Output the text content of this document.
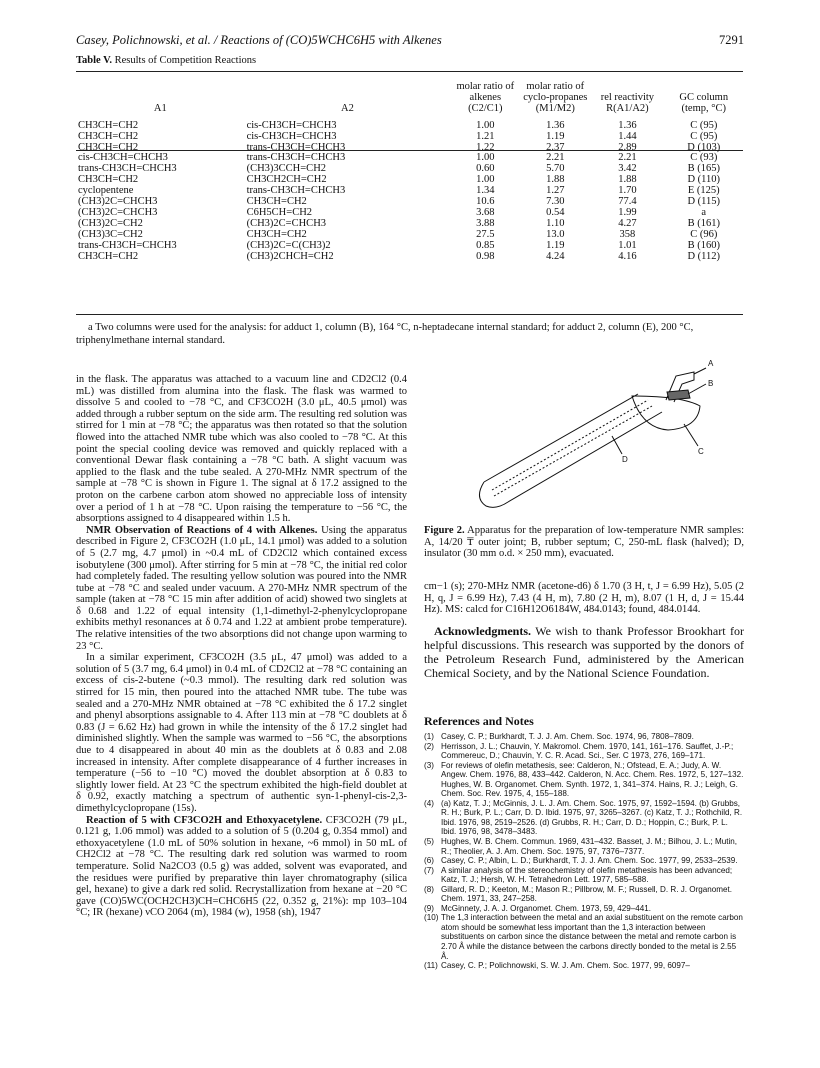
Casey, Polichnowski, et al. / Reactions of (CO)5WCHC6H5 with Alkenes	7291
Table V. Results of Competition Reactions
A1	A2	molar ratio of alkenes (C2/C1)	molar ratio of cyclo-propanes (M1/M2)	rel reactivity R(A1/A2)	GC column (temp, °C)
CH3CH=CH2	cis-CH3CH=CHCH3	1.00	1.36	1.36	C (95)
CH3CH=CH2	cis-CH3CH=CHCH3	1.21	1.19	1.44	C (95)
CH3CH=CH2	trans-CH3CH=CHCH3	1.22	2.37	2.89	D (103)
cis-CH3CH=CHCH3	trans-CH3CH=CHCH3	1.00	2.21	2.21	C (93)
trans-CH3CH=CHCH3	(CH3)3CCH=CH2	0.60	5.70	3.42	B (165)
CH3CH=CH2	CH3CH2CH=CH2	1.00	1.88	1.88	D (110)
cyclopentene	trans-CH3CH=CHCH3	1.34	1.27	1.70	E (125)
(CH3)2C=CHCH3	CH3CH=CH2	10.6	7.30	77.4	D (115)
(CH3)2C=CHCH3	C6H5CH=CH2	3.68	0.54	1.99	a
(CH3)2C=CH2	(CH3)2C=CHCH3	3.88	1.10	4.27	B (161)
(CH3)3C=CH2	CH3CH=CH2	27.5	13.0	358	C (96)
trans-CH3CH=CHCH3	(CH3)2C=C(CH3)2	0.85	1.19	1.01	B (160)
CH3CH=CH2	(CH3)2CHCH=CH2	0.98	4.24	4.16	D (112)
a Two columns were used for the analysis: for adduct 1, column (B), 164 °C, n-heptadecane internal standard; for adduct 2, column (E), 200 °C, triphenylmethane internal standard.

in the flask. The apparatus was attached to a vacuum line and CD2Cl2 (0.4 mL) was distilled from alumina into the flask. The flask was warmed to dissolve 5 and cooled to −78 °C, and CF3CO2H (3.0 μL, 40.5 μmol) was added through a rubber septum on the side arm. The resulting red solution was stirred for 1 min at −78 °C; the apparatus was then rotated so that the solution flowed into the attached NMR tube which was also cooled to −78 °C. At this point the special cooling device was removed and quickly replaced with a conventional Dewar flask containing a −78 °C bath. A slight vacuum was applied to the flask and the tube sealed. A 270-MHz NMR spectrum of the sample at −78 °C is shown in Figure 1. The signal at δ 17.2 assigned to the proton on the carbene carbon atom showed no appreciable loss of intensity over a period of 1 h at −78 °C. Upon raising the temperature to −56 °C, the absorptions assigned to 4 disappeared within 1.5 h.

NMR Observation of Reactions of 4 with Alkenes. Using the apparatus described in Figure 2, CF3CO2H (1.0 μL, 14.1 μmol) was added to a solution of 5 (2.7 mg, 4.7 μmol) in ~0.4 mL of CD2Cl2 which contained excess isobutylene (300 μmol). After stirring for 5 min at −78 °C, the initial red color had completely faded. The resulting yellow solution was poured into the NMR tube at −78 °C and sealed under vacuum. A 270-MHz NMR spectrum of the sample (taken at −78 °C 15 min after addition of acid) showed two singlets at δ 0.68 and 1.22 of equal intensity (1,1-dimethyl-2-phenylcyclopropane exhibits methyl resonances at δ 0.74 and 1.22 at ambient probe temperature). The relative intensities of the two absorptions did not change upon warming to 23 °C.

In a similar experiment, CF3CO2H (3.5 μL, 47 μmol) was added to a solution of 5 (3.7 mg, 6.4 μmol) in 0.4 mL of CD2Cl2 at −78 °C containing an excess of cis-2-butene (~0.3 mmol). The resulting dark red solution was stirred for 15 min, then poured into the attached NMR tube. The tube was sealed and a 270-MHz NMR obtained at −78 °C exhibited the δ 17.2 singlet and phenyl absorptions assignable to 4. After 113 min at −78 °C doublets at δ 0.83 (J = 6.62 Hz) had grown in while the intensity of the δ 17.2 singlet had diminished slightly. When the sample was warmed to −56 °C, the absorptions due to 4 disappeared in about 40 min as the doublets at δ 0.83 and 2.08 increased in intensity. After complete disappearance of 4 further increases in temperature (−56 to −10 °C) moved the doublet absorption at δ 0.83 to slightly lower field. At 23 °C the spectrum exhibited the high-field doublet at δ 0.92, exactly matching a spectrum of authentic syn-1-phenyl-cis-2,3-dimethylcyclopropane (15s).

Reaction of 5 with CF3CO2H and Ethoxyacetylene. CF3CO2H (79 μL, 0.121 g, 1.06 mmol) was added to a solution of 5 (0.204 g, 0.354 mmol) and ethoxyacetylene (1.0 mL of 50% solution in hexane, ~6 mmol) in 50 mL of CH2Cl2 at −78 °C. The resulting dark red solution was warmed to room temperature. Solid Na2CO3 (0.5 g) was added, solvent was evaporated, and the residues were purified by preparative thin layer chromatography (silica gel, hexane) to give a dark red solid. Recrystallization from hexane at −20 °C gave (CO)5WC(OCH2CH3)CH=CHC6H5 (22, 0.352 g, 21%): mp 103–104 °C; IR (hexane) νCO 2064 (m), 1984 (w), 1958 (sh), 1947

A
B
C
D

Figure 2. Apparatus for the preparation of low-temperature NMR samples: A, 14/20 ₸ outer joint; B, rubber septum; C, 250-mL flask (halved); D, insulator (30 mm o.d. × 250 mm), evacuated.

cm−1 (s); 270-MHz NMR (acetone-d6) δ 1.70 (3 H, t, J = 6.99 Hz), 5.05 (2 H, q, J = 6.99 Hz), 7.43 (4 H, m), 7.80 (2 H, m), 8.07 (1 H, d, J = 15.44 Hz). MS: calcd for C16H12O6184W, 484.0143; found, 484.0144.

Acknowledgments. We wish to thank Professor Brookhart for helpful discussions. This research was supported by the donors of the Petroleum Research Fund, administered by the American Chemical Society, and by the National Science Foundation.

References and Notes
(1) Casey, C. P.; Burkhardt, T. J. J. Am. Chem. Soc. 1974, 96, 7808–7809.
(2) Herrisson, J. L.; Chauvin, Y. Makromol. Chem. 1970, 141, 161–176. Sauffet, J.-P.; Commereuc, D.; Chauvin, Y. C. R. Acad. Sci., Ser. C 1973, 276, 169–171.
(3) For reviews of olefin metathesis, see: Calderon, N.; Ofstead, E. A.; Judy, A. W. Angew. Chem. 1976, 88, 433–442. Calderon, N. Acc. Chem. Res. 1972, 5, 127–132. Hughes, W. B. Organomet. Chem. Synth. 1972, 1, 341–374. Hains, R. J.; Leigh, G. Chem. Soc. Rev. 1975, 4, 155–188.
(4) (a) Katz, T. J.; McGinnis, J. L. J. Am. Chem. Soc. 1975, 97, 1592–1594. (b) Grubbs, R. H.; Burk, P. L.; Carr, D. D. Ibid. 1975, 97, 3265–3267. (c) Katz, T. J.; Rothchild, R. Ibid. 1976, 98, 2519–2526. (d) Grubbs, R. H.; Carr, D. D.; Hoppin, C.; Burk, P. L. Ibid. 1976, 98, 3478–3483.
(5) Hughes, W. B. Chem. Commun. 1969, 431–432. Basset, J. M.; Bilhou, J. L.; Mutin, R.; Theolier, A. J. Am. Chem. Soc. 1975, 97, 7376–7377.
(6) Casey, C. P.; Albin, L. D.; Burkhardt, T. J. J. Am. Chem. Soc. 1977, 99, 2533–2539.
(7) A similar analysis of the stereochemistry of olefin metathesis has been advanced; Katz, T. J.; Hersh, W. H. Tetrahedron Lett. 1977, 585–588.
(8) Gillard, R. D.; Keeton, M.; Mason R.; Pillbrow, M. F.; Russell, D. R. J. Organomet. Chem. 1971, 33, 247–258.
(9) McGinnety, J. A. J. Organomet. Chem. 1973, 59, 429–441.
(10) The 1,3 interaction between the metal and an axial substituent on the remote carbon atom should be somewhat less important than the 1,3 interaction between substituents on carbon since the distance between the metal and remote carbon is 2.70 Å while the distance between the carbons directly bonded to the metal is 2.55 Å.
(11) Casey, C. P.; Polichnowski, S. W. J. Am. Chem. Soc. 1977, 99, 6097–
